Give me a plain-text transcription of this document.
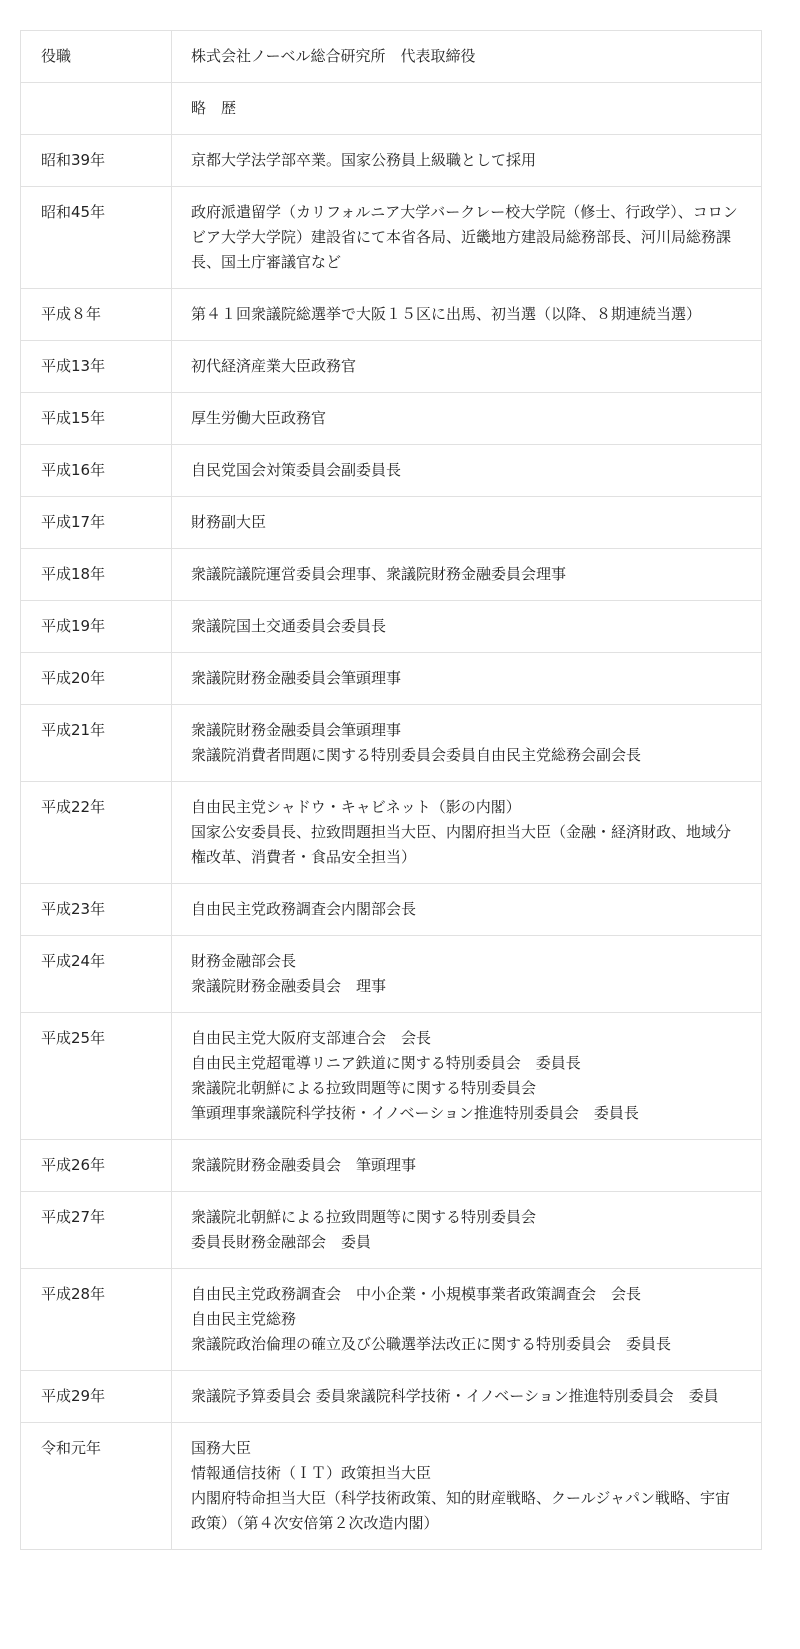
役職	株式会社ノーベル総合研究所　代表取締役

	略　歴

昭和39年	京都大学法学部卒業。国家公務員上級職として採用

昭和45年	政府派遣留学（カリフォルニア大学バークレー校大学院（修士、行政学）、コロンビア大学大学院）建設省にて本省各局、近畿地方建設局総務部長、河川局総務課長、国土庁審議官など

平成８年	第４１回衆議院総選挙で大阪１５区に出馬、初当選（以降、８期連続当選）

平成13年	初代経済産業大臣政務官

平成15年	厚生労働大臣政務官

平成16年	自民党国会対策委員会副委員長

平成17年	財務副大臣

平成18年	衆議院議院運営委員会理事、衆議院財務金融委員会理事

平成19年	衆議院国土交通委員会委員長

平成20年	衆議院財務金融委員会筆頭理事

平成21年	衆議院財務金融委員会筆頭理事
衆議院消費者問題に関する特別委員会委員自由民主党総務会副会長

平成22年	自由民主党シャドウ・キャビネット（影の内閣）
国家公安委員長、拉致問題担当大臣、内閣府担当大臣（金融・経済財政、地域分権改革、消費者・食品安全担当）

平成23年	自由民主党政務調査会内閣部会長

平成24年	財務金融部会長
衆議院財務金融委員会　理事

平成25年	自由民主党大阪府支部連合会　会長
自由民主党超電導リニア鉄道に関する特別委員会　委員長
衆議院北朝鮮による拉致問題等に関する特別委員会
筆頭理事衆議院科学技術・イノベーション推進特別委員会　委員長

平成26年	衆議院財務金融委員会　筆頭理事

平成27年	衆議院北朝鮮による拉致問題等に関する特別委員会
委員長財務金融部会　委員

平成28年	自由民主党政務調査会　中小企業・小規模事業者政策調査会　会長
自由民主党総務
衆議院政治倫理の確立及び公職選挙法改正に関する特別委員会　委員長

平成29年	衆議院予算委員会 委員衆議院科学技術・イノベーション推進特別委員会　委員

令和元年	国務大臣
情報通信技術（ＩＴ）政策担当大臣
内閣府特命担当大臣（科学技術政策、知的財産戦略、クールジャパン戦略、宇宙政策）（第４次安倍第２次改造内閣）
